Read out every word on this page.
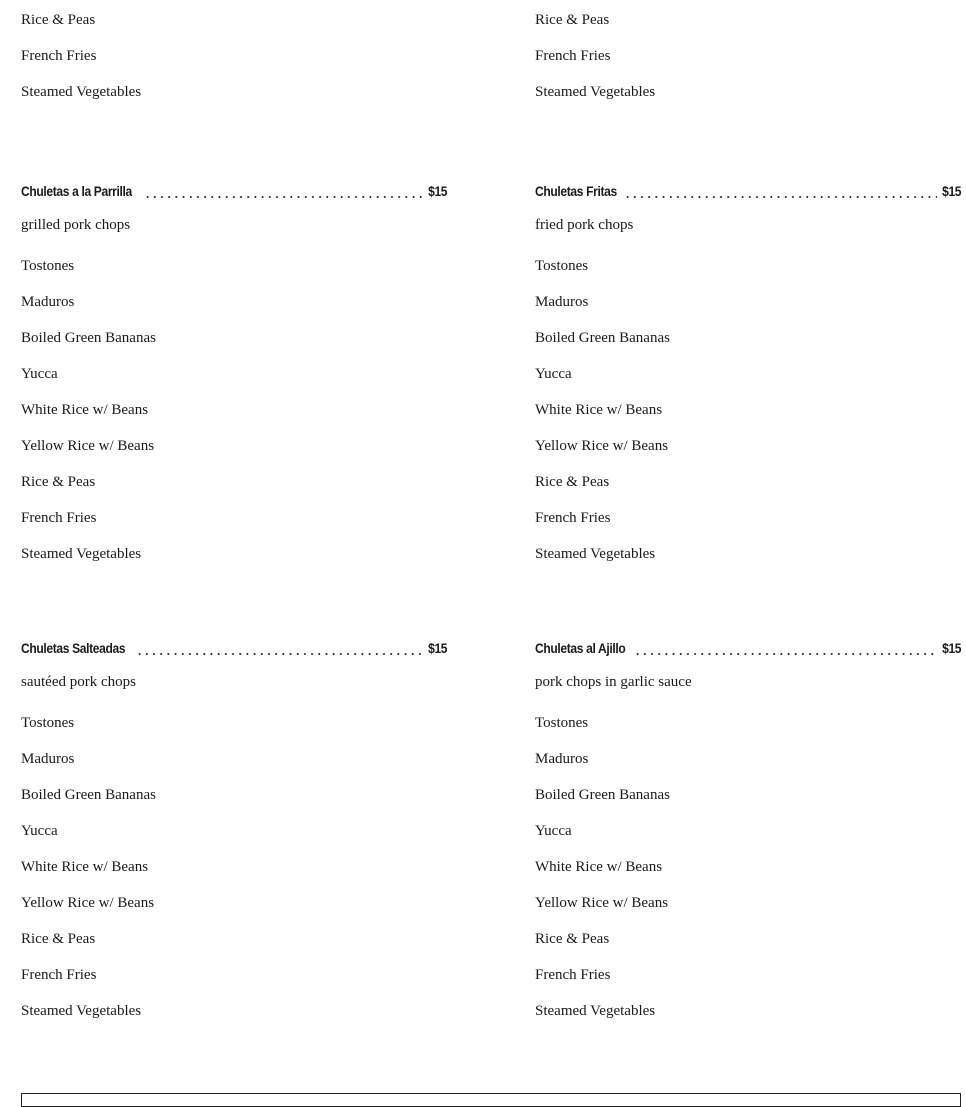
Rice & Peas
French Fries
Steamed Vegetables
Chuletas a la Parrilla	$15
grilled pork chops
Tostones
Maduros
Boiled Green Bananas
Yucca
White Rice w/ Beans
Yellow Rice w/ Beans
Rice & Peas
French Fries
Steamed Vegetables
Chuletas Salteadas	$15
sautéed pork chops
Tostones
Maduros
Boiled Green Bananas
Yucca
White Rice w/ Beans
Yellow Rice w/ Beans
Rice & Peas
French Fries
Steamed Vegetables
Rice & Peas
French Fries
Steamed Vegetables
Chuletas Fritas	$15
fried pork chops
Tostones
Maduros
Boiled Green Bananas
Yucca
White Rice w/ Beans
Yellow Rice w/ Beans
Rice & Peas
French Fries
Steamed Vegetables
Chuletas al Ajillo	$15
pork chops in garlic sauce
Tostones
Maduros
Boiled Green Bananas
Yucca
White Rice w/ Beans
Yellow Rice w/ Beans
Rice & Peas
French Fries
Steamed Vegetables
